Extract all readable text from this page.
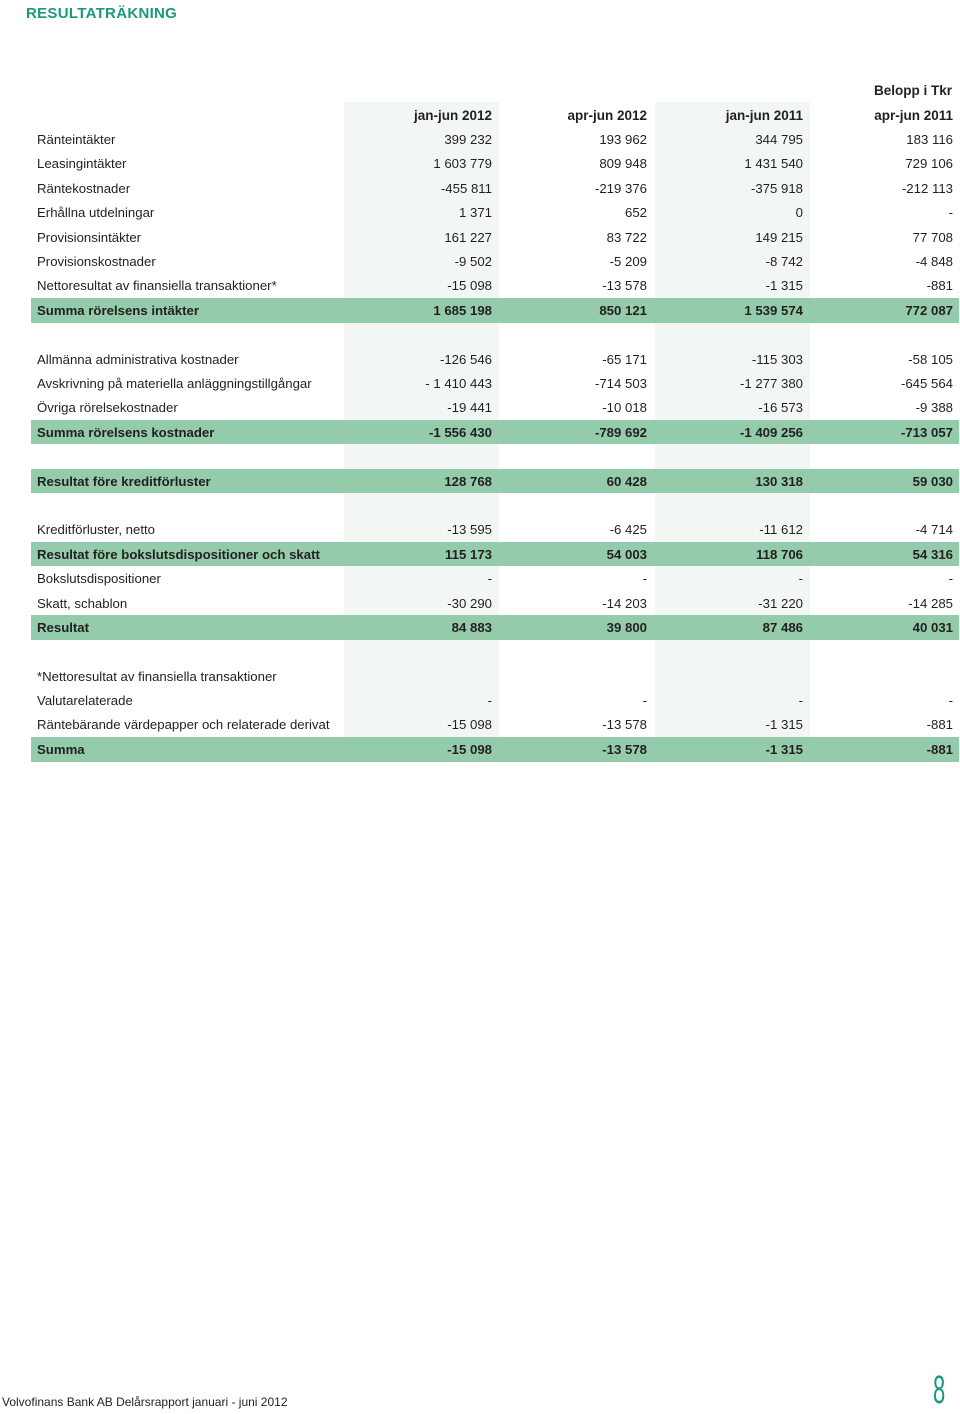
RESULTATRÄKNING
Belopp i Tkr
jan-jun 2012	apr-jun 2012	jan-jun 2011	apr-jun 2011
Ränteintäkter	399 232	193 962	344 795	183 116
Leasingintäkter	1 603 779	809 948	1 431 540	729 106
Räntekostnader	-455 811	-219 376	-375 918	-212 113
Erhållna utdelningar	1 371	652	0	-
Provisionsintäkter	161 227	83 722	149 215	77 708
Provisionskostnader	-9 502	-5 209	-8 742	-4 848
Nettoresultat av finansiella transaktioner*	-15 098	-13 578	-1 315	-881
Summa rörelsens intäkter	1 685 198	850 121	1 539 574	772 087
Allmänna administrativa kostnader	-126 546	-65 171	-115 303	-58 105
Avskrivning på materiella anläggningstillgångar	- 1 410 443	-714 503	-1 277 380	-645 564
Övriga rörelsekostnader	-19 441	-10 018	-16 573	-9 388
Summa rörelsens kostnader	-1 556 430	-789 692	-1 409 256	-713 057
Resultat före kreditförluster	128 768	60 428	130 318	59 030
Kreditförluster, netto	-13 595	-6 425	-11 612	-4 714
Resultat före bokslutsdispositioner och skatt	115 173	54 003	118 706	54 316
Bokslutsdispositioner	-	-	-	-
Skatt, schablon	-30 290	-14 203	-31 220	-14 285
Resultat	84 883	39 800	87 486	40 031
*Nettoresultat av finansiella transaktioner
Valutarelaterade	-	-	-	-
Räntebärande värdepapper och relaterade derivat	-15 098	-13 578	-1 315	-881
Summa	-15 098	-13 578	-1 315	-881
Volvofinans Bank AB Delårsrapport januari - juni 2012	8
